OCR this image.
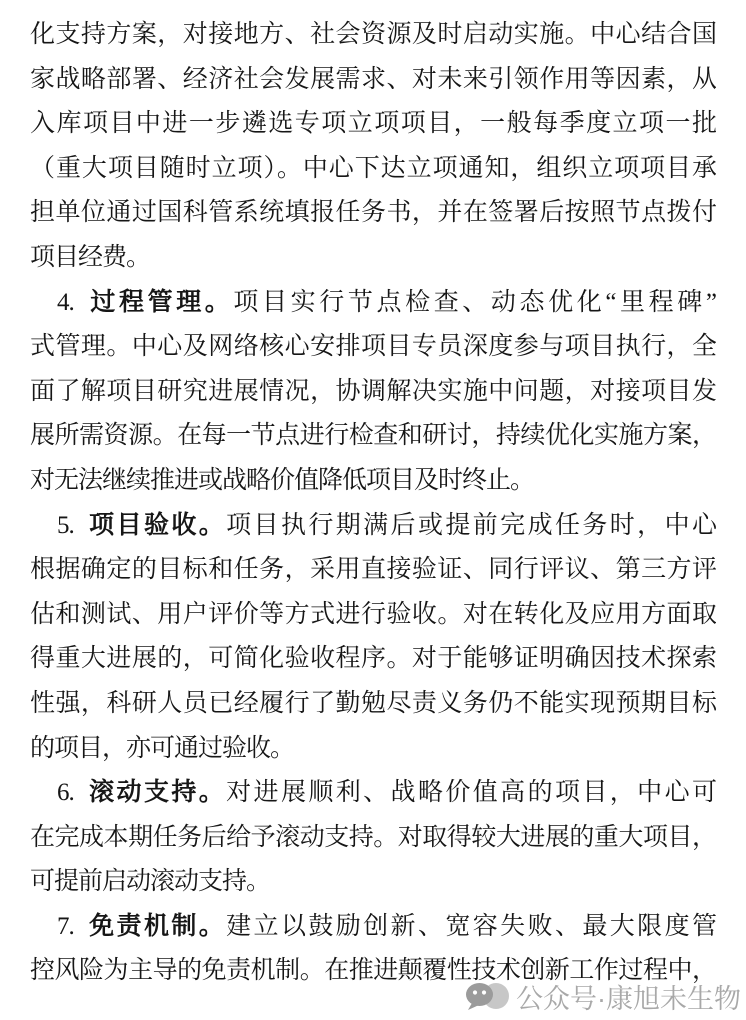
化支持方案，对接地方、社会资源及时启动实施。中心结合国
家战略部署、经济社会发展需求、对未来引领作用等因素，从
入库项目中进一步遴选专项立项项目，一般每季度立项一批
（重大项目随时立项）。中心下达立项通知，组织立项项目承
担单位通过国科管系统填报任务书，并在签署后按照节点拨付
项目经费。
4. 过程管理。项目实行节点检查、动态优化“里程碑”
式管理。中心及网络核心安排项目专员深度参与项目执行，全
面了解项目研究进展情况，协调解决实施中问题，对接项目发
展所需资源。在每一节点进行检查和研讨，持续优化实施方案，
对无法继续推进或战略价值降低项目及时终止。
5. 项目验收。项目执行期满后或提前完成任务时，中心
根据确定的目标和任务，采用直接验证、同行评议、第三方评
估和测试、用户评价等方式进行验收。对在转化及应用方面取
得重大进展的，可简化验收程序。对于能够证明确因技术探索
性强，科研人员已经履行了勤勉尽责义务仍不能实现预期目标
的项目，亦可通过验收。
6. 滚动支持。对进展顺利、战略价值高的项目，中心可
在完成本期任务后给予滚动支持。对取得较大进展的重大项目，
可提前启动滚动支持。
7. 免责机制。建立以鼓励创新、宽容失败、最大限度管
控风险为主导的免责机制。在推进颠覆性技术创新工作过程中，
公众号·康旭未生物
